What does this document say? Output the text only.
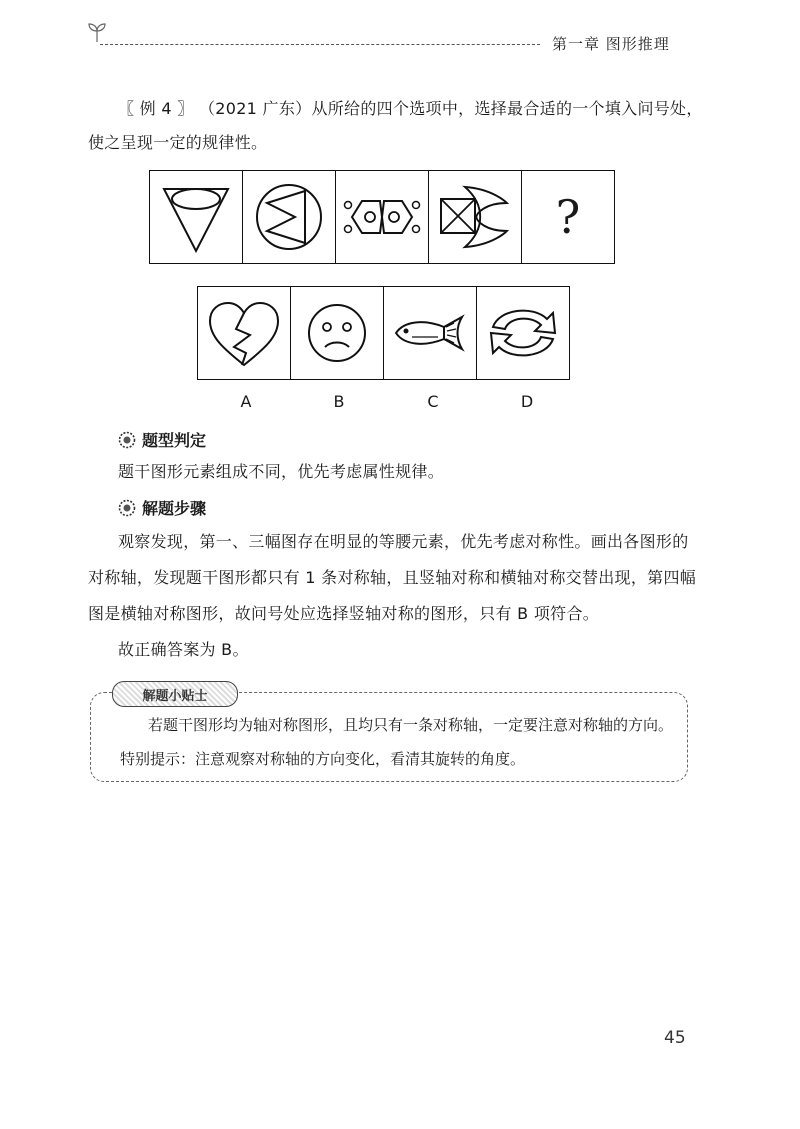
第一章 图形推理
〖 例 4 〗 （2021 广东）从所给的四个选项中，选择最合适的一个填入问号处，
使之呈现一定的规律性。
?
A	B	C	D
题型判定
题干图形元素组成不同，优先考虑属性规律。
解题步骤
观察发现，第一、三幅图存在明显的等腰元素，优先考虑对称性。画出各图形的
对称轴，发现题干图形都只有 1 条对称轴，且竖轴对称和横轴对称交替出现，第四幅
图是横轴对称图形，故问号处应选择竖轴对称的图形，只有 B 项符合。
故正确答案为 B。
解题小贴士
若题干图形均为轴对称图形，且均只有一条对称轴，一定要注意对称轴的方向。
特别提示：注意观察对称轴的方向变化，看清其旋转的角度。
45
